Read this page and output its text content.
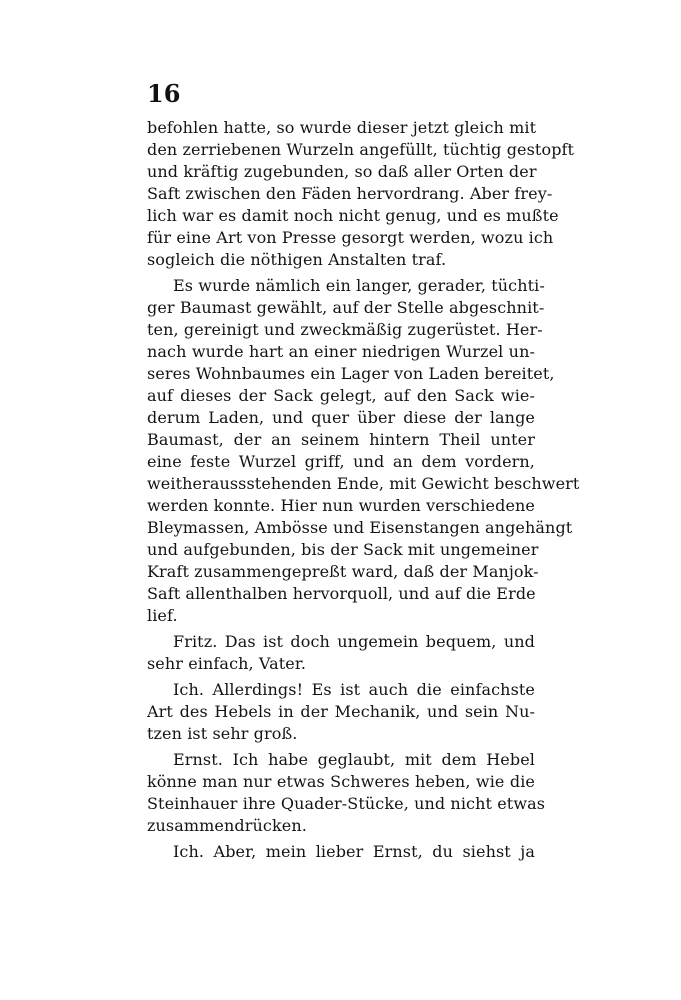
16
befohlen hatte, so wurde dieser jetzt gleich mit
den zerriebenen Wurzeln angefüllt, tüchtig gestopft
und kräftig zugebunden, so daß aller Orten der
Saft zwischen den Fäden hervordrang. Aber frey-
lich war es damit noch nicht genug, und es mußte
für eine Art von Presse gesorgt werden, wozu ich
sogleich die nöthigen Anstalten traf.
Es wurde nämlich ein langer, gerader, tüchti-
ger Baumast gewählt, auf der Stelle abgeschnit-
ten, gereinigt und zweckmäßig zugerüstet. Her-
nach wurde hart an einer niedrigen Wurzel un-
seres Wohnbaumes ein Lager von Laden bereitet,
auf dieses der Sack gelegt, auf den Sack wie-
derum Laden, und quer über diese der lange
Baumast, der an seinem hintern Theil unter
eine feste Wurzel griff, und an dem vordern,
weitheraussstehenden Ende, mit Gewicht beschwert
werden konnte. Hier nun wurden verschiedene
Bleymassen, Ambösse und Eisenstangen angehängt
und aufgebunden, bis der Sack mit ungemeiner
Kraft zusammengepreßt ward, daß der Manjok-
Saft allenthalben hervorquoll, und auf die Erde
lief.
Fritz. Das ist doch ungemein bequem, und
sehr einfach, Vater.
Ich. Allerdings! Es ist auch die einfachste
Art des Hebels in der Mechanik, und sein Nu-
tzen ist sehr groß.
Ernst. Ich habe geglaubt, mit dem Hebel
könne man nur etwas Schweres heben, wie die
Steinhauer ihre Quader-Stücke, und nicht etwas
zusammendrücken.
Ich. Aber, mein lieber Ernst, du siehst ja
